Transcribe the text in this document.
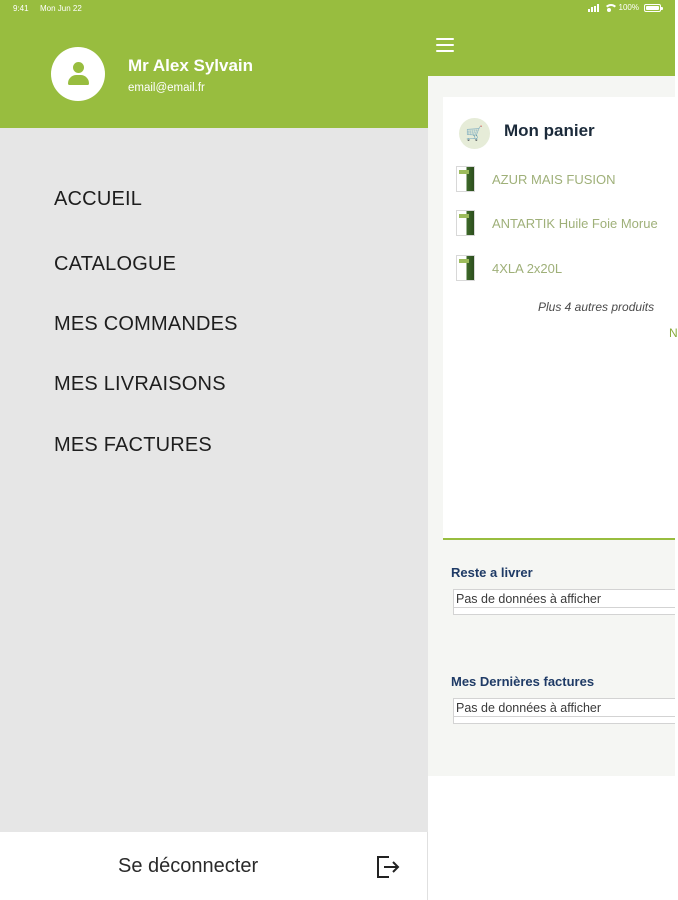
🛒	Mon panier
AZUR MAIS FUSION
ANTARTIK Huile Foie Morue
4XLA 2x20L
Plus 4 autres produits
N
Reste a livrer
Pas de données à afficher
Mes Dernières factures
Pas de données à afficher
9:41 Mon Jun 22	100%
Mr Alex Sylvain
email@email.fr
ACCUEIL
CATALOGUE
MES COMMANDES
MES LIVRAISONS
MES FACTURES
Se déconnecter
